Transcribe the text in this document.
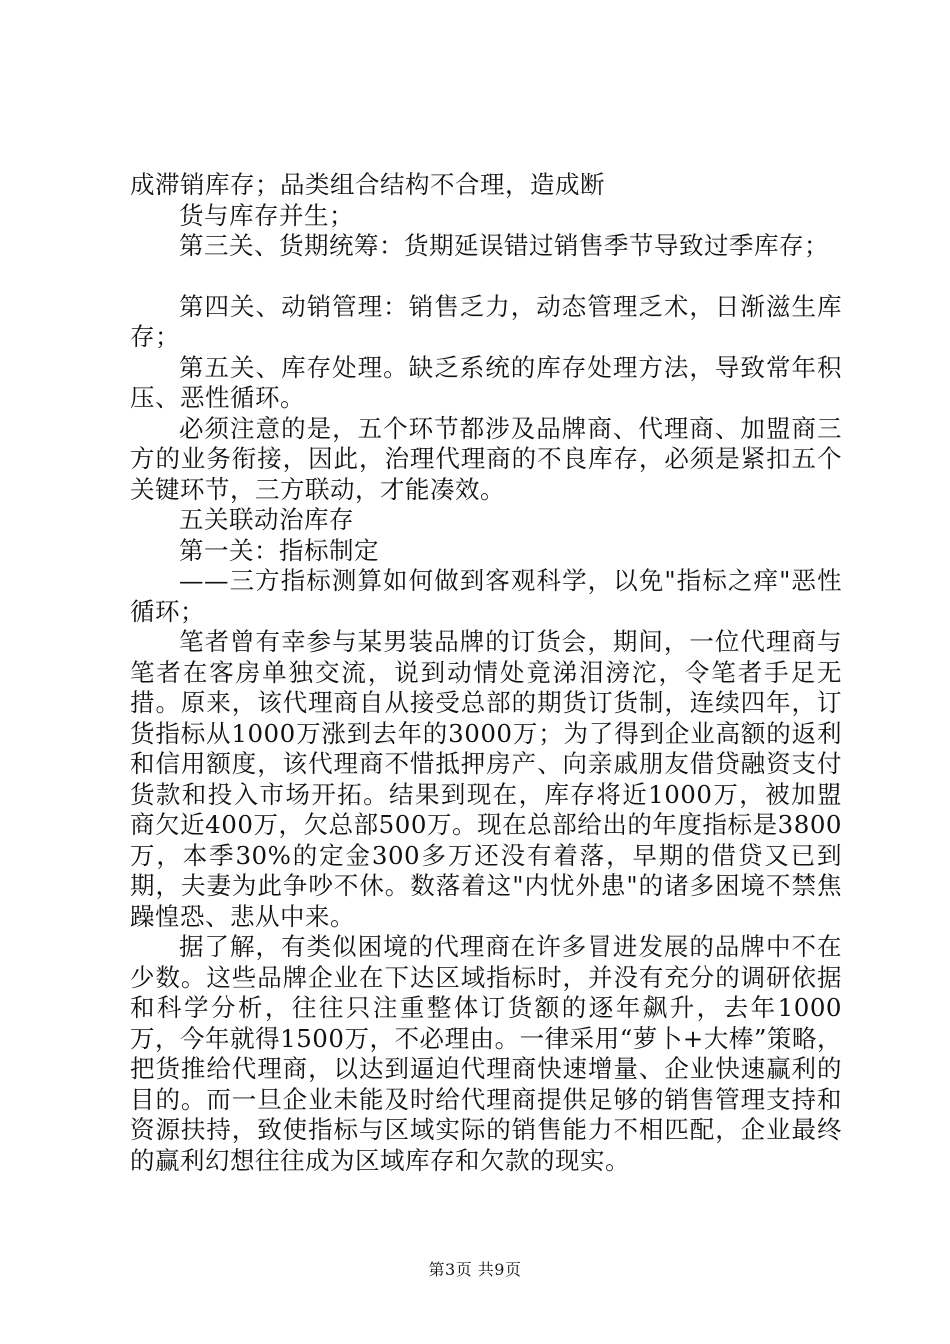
成滞销库存；品类组合结构不合理，造成断

货与库存并生；

第三关、货期统筹：货期延误错过销售季节导致过季库存；

第四关、动销管理：销售乏力，动态管理乏术，日渐滋生库存；

第五关、库存处理。缺乏系统的库存处理方法，导致常年积压、恶性循环。

必须注意的是，五个环节都涉及品牌商、代理商、加盟商三方的业务衔接，因此，治理代理商的不良库存，必须是紧扣五个关键环节，三方联动，才能凑效。

五关联动治库存

第一关：指标制定

——三方指标测算如何做到客观科学，以免"指标之痒"恶性循环；

笔者曾有幸参与某男装品牌的订货会，期间，一位代理商与笔者在客房单独交流，说到动情处竟涕泪滂沱，令笔者手足无措。原来，该代理商自从接受总部的期货订货制，连续四年，订货指标从1000万涨到去年的3000万；为了得到企业高额的返利和信用额度，该代理商不惜抵押房产、向亲戚朋友借贷融资支付货款和投入市场开拓。结果到现在，库存将近1000万，被加盟商欠近400万，欠总部500万。现在总部给出的年度指标是3800万，本季30%的定金300多万还没有着落，早期的借贷又已到期，夫妻为此争吵不休。数落着这"内忧外患"的诸多困境不禁焦躁惶恐、悲从中来。

据了解，有类似困境的代理商在许多冒进发展的品牌中不在少数。这些品牌企业在下达区域指标时，并没有充分的调研依据和科学分析，往往只注重整体订货额的逐年飙升，去年1000万，今年就得1500万，不必理由。一律采用“萝卜+大棒”策略，把货推给代理商，以达到逼迫代理商快速增量、企业快速赢利的目的。而一旦企业未能及时给代理商提供足够的销售管理支持和资源扶持，致使指标与区域实际的销售能力不相匹配，企业最终的赢利幻想往往成为区域库存和欠款的现实。

第3页 共9页
